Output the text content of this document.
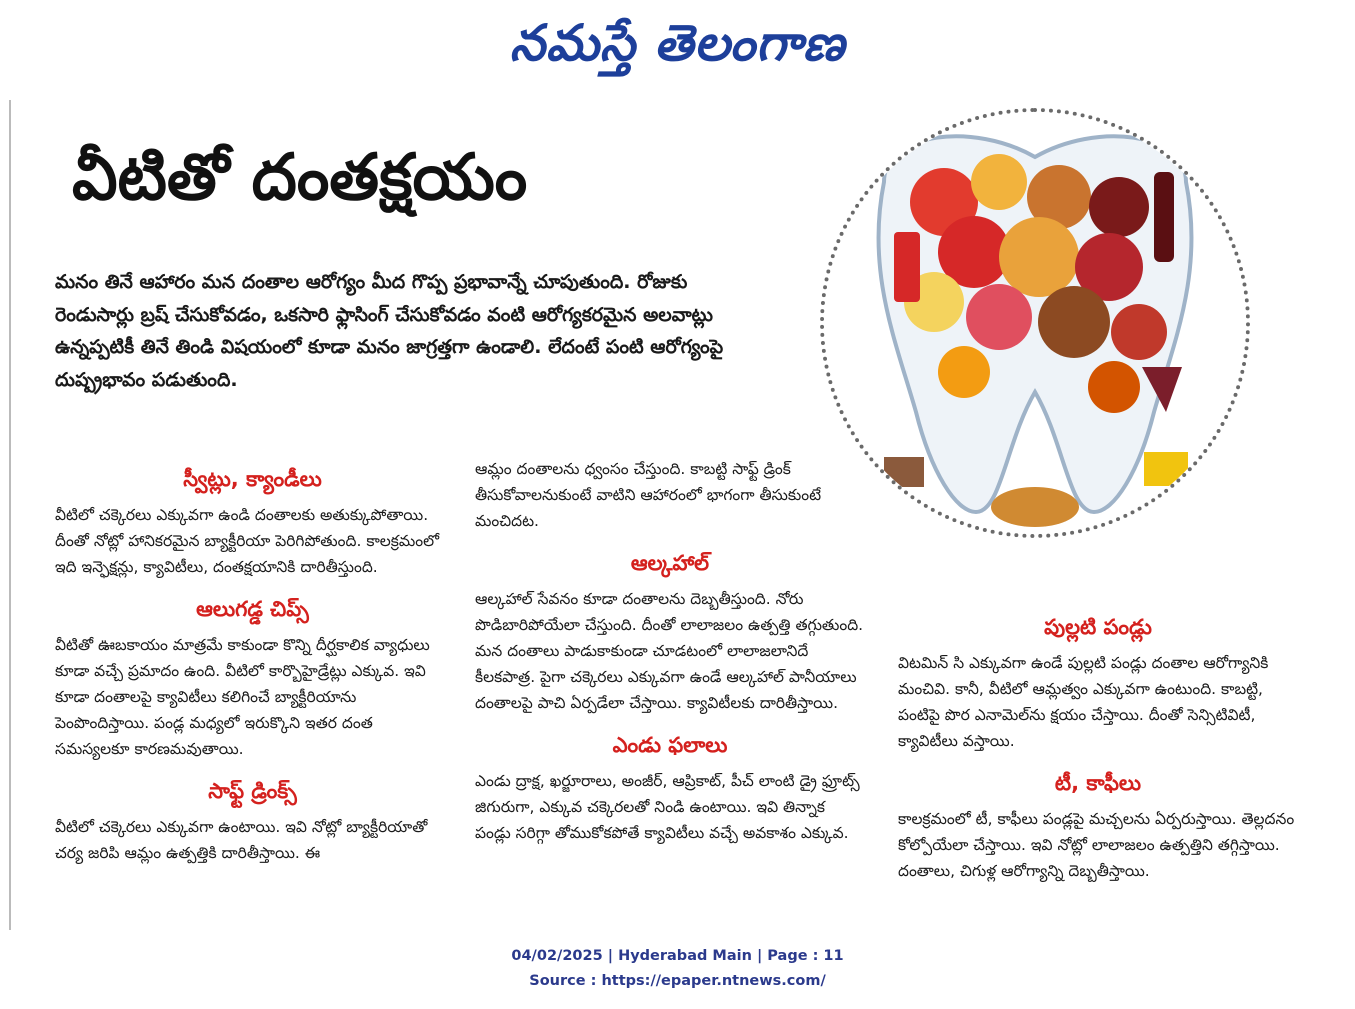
నమస్తే తెలంగాణ
వీటితో దంతక్షయం

మనం తినే ఆహారం మన దంతాల ఆరోగ్యం మీద గొప్ప ప్రభావాన్నే చూపుతుంది. రోజుకు రెండుసార్లు బ్రష్ చేసుకోవడం, ఒకసారి ఫ్లాసింగ్ చేసుకోవడం వంటి ఆరోగ్యకరమైన అలవాట్లు ఉన్నప్పటికీ తినే తిండి విషయంలో కూడా మనం జాగ్రత్తగా ఉండాలి. లేదంటే పంటి ఆరోగ్యంపై దుష్ప్రభావం పడుతుంది.

స్వీట్లు, క్యాండీలు

వీటిలో చక్కెరలు ఎక్కువగా ఉండి దంతాలకు అతుక్కుపోతాయి. దీంతో నోట్లో హానికరమైన బ్యాక్టీరియా పెరిగిపోతుంది. కాలక్రమంలో ఇది ఇన్ఫెక్షన్లు, క్యావిటీలు, దంతక్షయానికి దారితీస్తుంది.

ఆలుగడ్డ చిప్స్

వీటితో ఊబకాయం మాత్రమే కాకుండా కొన్ని దీర్ఘకాలిక వ్యాధులు కూడా వచ్చే ప్రమాదం ఉంది. వీటిలో కార్బొహైడ్రేట్లు ఎక్కువ. ఇవి కూడా దంతాలపై క్యావిటీలు కలిగించే బ్యాక్టీరియాను పెంపొందిస్తాయి. పండ్ల మధ్యలో ఇరుక్కొని ఇతర దంత సమస్యలకూ కారణమవుతాయి.

సాఫ్ట్ డ్రింక్స్

వీటిలో చక్కెరలు ఎక్కువగా ఉంటాయి. ఇవి నోట్లో బ్యాక్టీరియాతో చర్య జరిపి ఆమ్లం ఉత్పత్తికి దారితీస్తాయి. ఈ

ఆమ్లం దంతాలను ధ్వంసం చేస్తుంది. కాబట్టి సాఫ్ట్ డ్రింక్ తీసుకోవాలనుకుంటే వాటిని ఆహారంలో భాగంగా తీసుకుంటే మంచిదట.

ఆల్కహాల్

ఆల్కహాల్ సేవనం కూడా దంతాలను దెబ్బతీస్తుంది. నోరు పొడిబారిపోయేలా చేస్తుంది. దీంతో లాలాజలం ఉత్పత్తి తగ్గుతుంది. మన దంతాలు పాడుకాకుండా చూడటంలో లాలాజలానిదే కీలకపాత్ర. పైగా చక్కెరలు ఎక్కువగా ఉండే ఆల్కహాల్ పానీయాలు దంతాలపై పాచి ఏర్పడేలా చేస్తాయి. క్యావిటీలకు దారితీస్తాయి.

ఎండు ఫలాలు

ఎండు ద్రాక్ష, ఖర్జూరాలు, అంజీర్, ఆప్రికాట్, పీచ్ లాంటి డ్రై ఫ్రూట్స్ జిగురుగా, ఎక్కువ చక్కెరలతో నిండి ఉంటాయి. ఇవి తిన్నాక పండ్లు సరిగ్గా తోముకోకపోతే క్యావిటీలు వచ్చే అవకాశం ఎక్కువ.

పుల్లటి పండ్లు

విటమిన్ సి ఎక్కువగా ఉండే పుల్లటి పండ్లు దంతాల ఆరోగ్యానికి మంచివి. కానీ, వీటిలో ఆమ్లత్వం ఎక్కువగా ఉంటుంది. కాబట్టి, పంటిపై పొర ఎనామెల్‌ను క్షయం చేస్తాయి. దీంతో సెన్సిటివిటీ, క్యావిటీలు వస్తాయి.

టీ, కాఫీలు

కాలక్రమంలో టీ, కాఫీలు పండ్లపై మచ్చలను ఏర్పరుస్తాయి. తెల్లదనం కోల్పోయేలా చేస్తాయి. ఇవి నోట్లో లాలాజలం ఉత్పత్తిని తగ్గిస్తాయి. దంతాలు, చిగుళ్ల ఆరోగ్యాన్ని దెబ్బతీస్తాయి.

04/02/2025 | Hyderabad Main | Page : 11
Source : https://epaper.ntnews.com/
